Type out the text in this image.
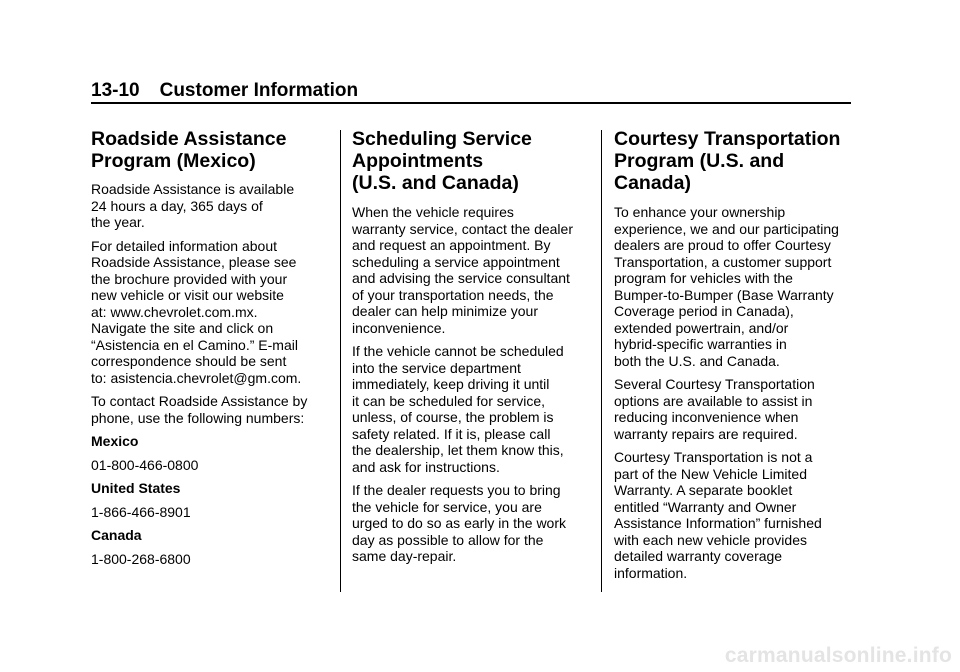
13-10 Customer Information
Roadside Assistance
Program (Mexico)

Roadside Assistance is available
24 hours a day, 365 days of
the year.

For detailed information about
Roadside Assistance, please see
the brochure provided with your
new vehicle or visit our website
at: www.chevrolet.com.mx.
Navigate the site and click on
“Asistencia en el Camino.” E-mail
correspondence should be sent
to: asistencia.chevrolet@gm.com.

To contact Roadside Assistance by
phone, use the following numbers:

Mexico

01-800-466-0800

United States

1-866-466-8901

Canada

1-800-268-6800

Scheduling Service
Appointments
(U.S. and Canada)

When the vehicle requires
warranty service, contact the dealer
and request an appointment. By
scheduling a service appointment
and advising the service consultant
of your transportation needs, the
dealer can help minimize your
inconvenience.

If the vehicle cannot be scheduled
into the service department
immediately, keep driving it until
it can be scheduled for service,
unless, of course, the problem is
safety related. If it is, please call
the dealership, let them know this,
and ask for instructions.

If the dealer requests you to bring
the vehicle for service, you are
urged to do so as early in the work
day as possible to allow for the
same day-repair.

Courtesy Transportation
Program (U.S. and
Canada)

To enhance your ownership
experience, we and our participating
dealers are proud to offer Courtesy
Transportation, a customer support
program for vehicles with the
Bumper-to-Bumper (Base Warranty
Coverage period in Canada),
extended powertrain, and/or
hybrid-specific warranties in
both the U.S. and Canada.

Several Courtesy Transportation
options are available to assist in
reducing inconvenience when
warranty repairs are required.

Courtesy Transportation is not a
part of the New Vehicle Limited
Warranty. A separate booklet
entitled “Warranty and Owner
Assistance Information” furnished
with each new vehicle provides
detailed warranty coverage
information.

carmanualsonline.info
